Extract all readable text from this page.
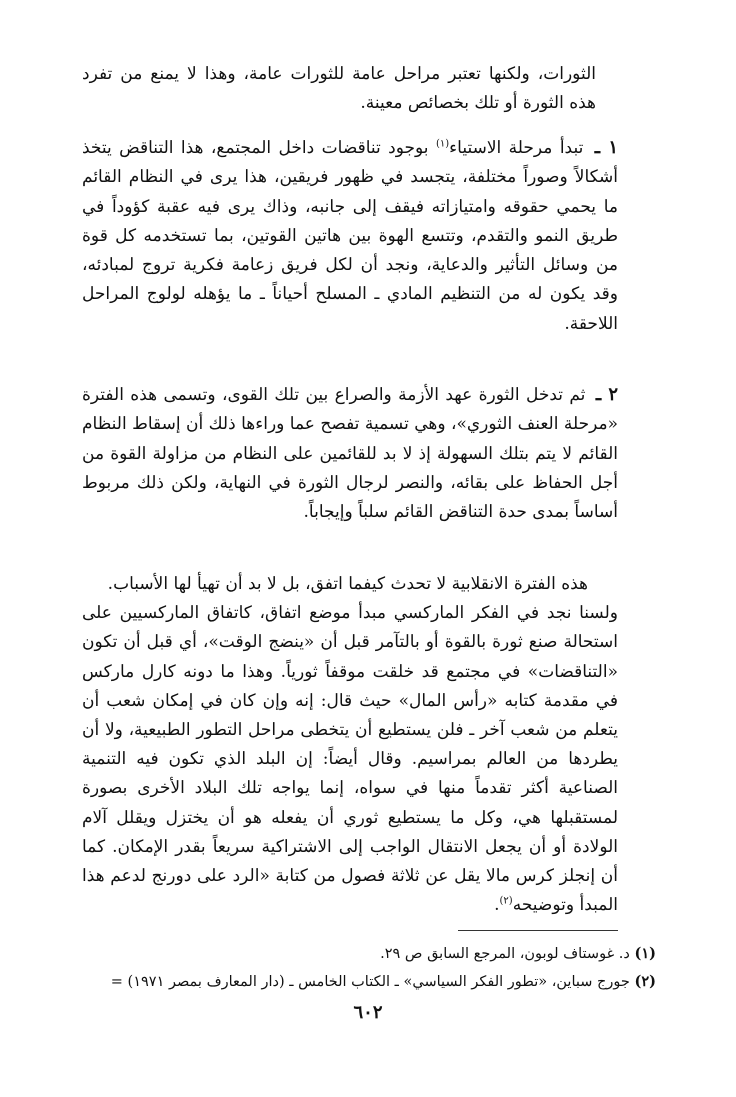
الثورات، ولكنها تعتبر مراحل عامة للثورات عامة، وهذا لا يمنع من تفرد هذه الثورة أو تلك بخصائص معينة.

١ ـ تبدأ مرحلة الاستياء$^{(١)}$ بوجود تناقضات داخل المجتمع، هذا التناقض يتخذ أشكالاً وصوراً مختلفة، يتجسد في ظهور فريقين، هذا يرى في النظام القائم ما يحمي حقوقه وامتيازاته فيقف إلى جانبه، وذاك يرى فيه عقبة كؤوداً في طريق النمو والتقدم، وتتسع الهوة بين هاتين القوتين، بما تستخدمه كل قوة من وسائل التأثير والدعاية، ونجد أن لكل فريق زعامة فكرية تروج لمبادئه، وقد يكون له من التنظيم المادي ـ المسلح أحياناً ـ ما يؤهله لولوج المراحل اللاحقة.

٢ ـ ثم تدخل الثورة عهد الأزمة والصراع بين تلك القوى، وتسمى هذه الفترة «مرحلة العنف الثوري»، وهي تسمية تفصح عما وراءها ذلك أن إسقاط النظام القائم لا يتم بتلك السهولة إذ لا بد للقائمين على النظام من مزاولة القوة من أجل الحفاظ على بقائه، والنصر لرجال الثورة في النهاية، ولكن ذلك مربوط أساساً بمدى حدة التناقض القائم سلباً وإيجاباً.

هذه الفترة الانقلابية لا تحدث كيفما اتفق، بل لا بد أن تهيأ لها الأسباب.
ولسنا نجد في الفكر الماركسي مبدأ موضع اتفاق، كاتفاق الماركسيين على استحالة صنع ثورة بالقوة أو بالتآمر قبل أن «ينضج الوقت»، أي قبل أن تكون «التناقضات» في مجتمع قد خلقت موقفاً ثورياً. وهذا ما دونه كارل ماركس في مقدمة كتابه «رأس المال» حيث قال: إنه وإن كان في إمكان شعب أن يتعلم من شعب آخر ـ فلن يستطيع أن يتخطى مراحل التطور الطبيعية، ولا أن يطردها من العالم بمراسيم. وقال أيضاً: إن البلد الذي تكون فيه التنمية الصناعية أكثر تقدماً منها في سواه، إنما يواجه تلك البلاد الأخرى بصورة لمستقبلها هي، وكل ما يستطيع ثوري أن يفعله هو أن يختزل ويقلل آلام الولادة أو أن يجعل الانتقال الواجب إلى الاشتراكية سريعاً بقدر الإمكان. كما أن إنجلز كرس مالا يقل عن ثلاثة فصول من كتابة «الرد على دورنج لدعم هذا المبدأ وتوضيحه$^{(٢)}$.
(١) د. غوستاف لوبون، المرجع السابق ص ٢٩.
(٢) جورج سباين، «تطور الفكر السياسي» ـ الكتاب الخامس ـ (دار المعارف بمصر ١٩٧١) =
٦٠٢
